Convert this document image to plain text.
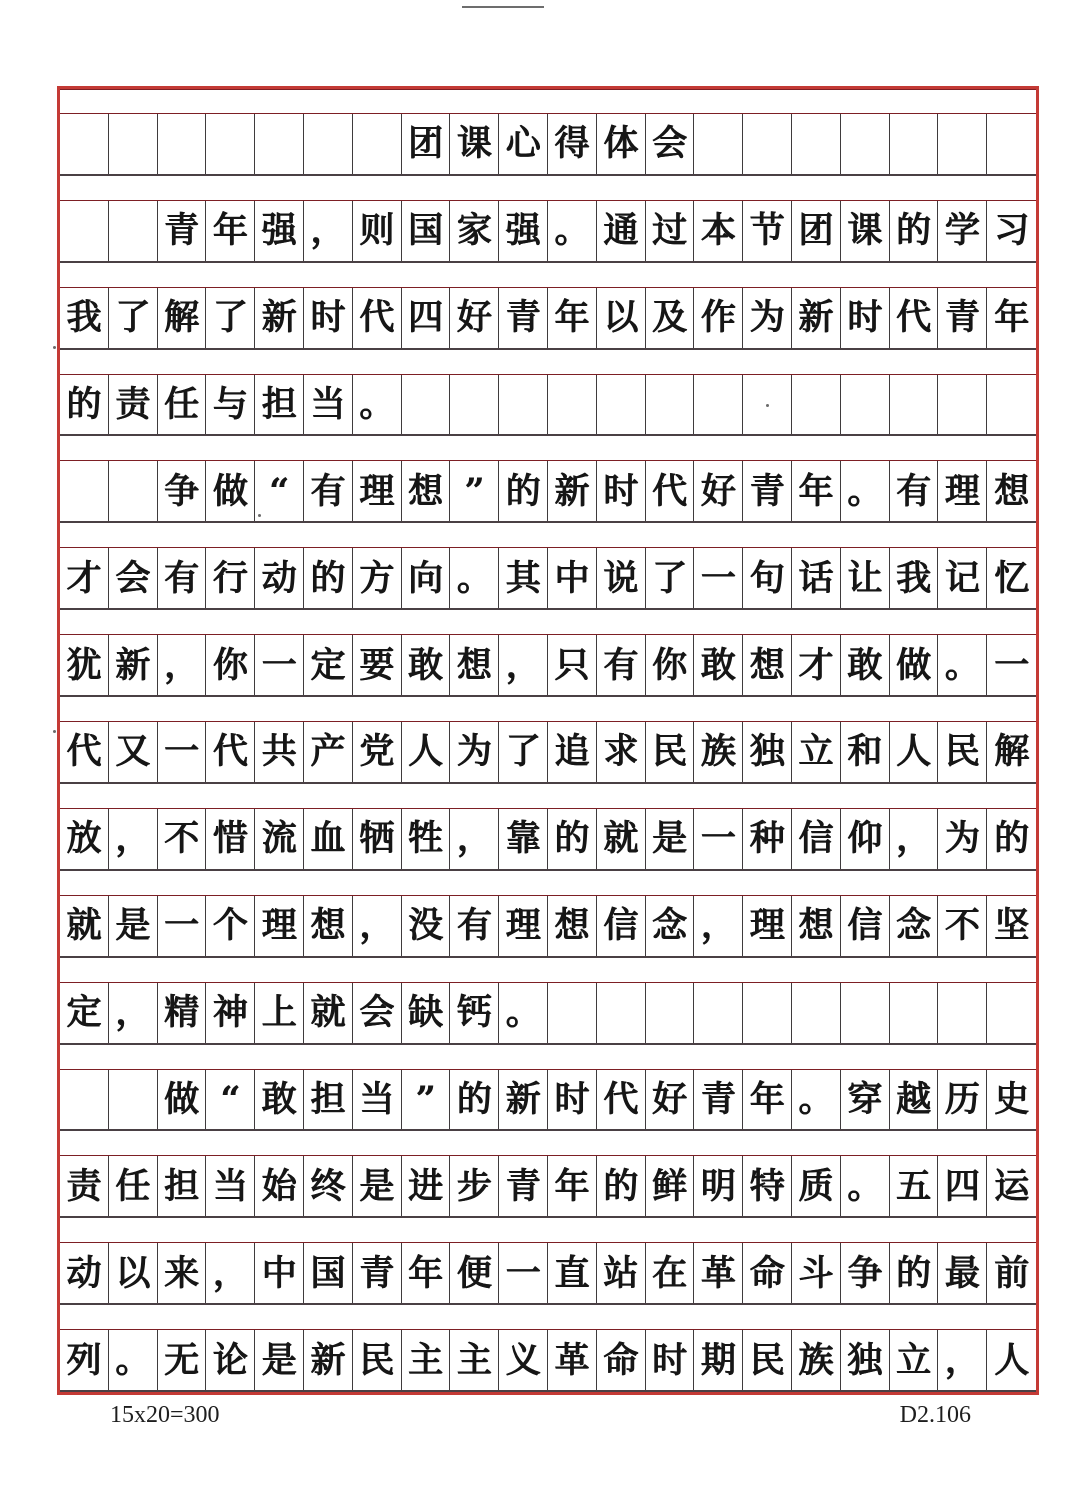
团 课 心 得 体 会
青 年 强 ， 则 国 家 强 。 通 过 本 节 团 课 的 学 习
我 了 解 了 新 时 代 四 好 青 年 以 及 作 为 新 时 代 青 年
的 责 任 与 担 当 。
争 做 “ 有 理 想 ” 的 新 时 代 好 青 年 。 有 理 想
才 会 有 行 动 的 方 向 。 其 中 说 了 一 句 话 让 我 记 忆
犹 新 ， 你 一 定 要 敢 想 ， 只 有 你 敢 想 才 敢 做 。 一
代 又 一 代 共 产 党 人 为 了 追 求 民 族 独 立 和 人 民 解
放 ， 不 惜 流 血 牺 牲 ， 靠 的 就 是 一 种 信 仰 ， 为 的
就 是 一 个 理 想 ， 没 有 理 想 信 念 ， 理 想 信 念 不 坚
定 ， 精 神 上 就 会 缺 钙 。
做 “ 敢 担 当 ” 的 新 时 代 好 青 年 。 穿 越 历 史
责 任 担 当 始 终 是 进 步 青 年 的 鲜 明 特 质 。 五 四 运
动 以 来 ， 中 国 青 年 便 一 直 站 在 革 命 斗 争 的 最 前
列 。 无 论 是 新 民 主 主 义 革 命 时 期 民 族 独 立 ， 人
15x20=300	D2.106
